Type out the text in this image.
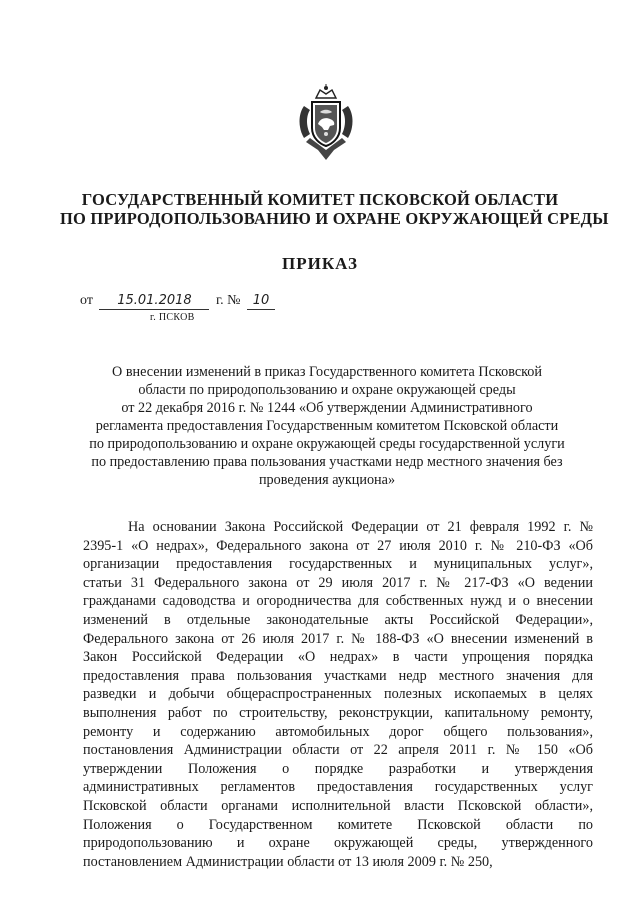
ГОСУДАРСТВЕННЫЙ КОМИТЕТ ПСКОВСКОЙ ОБЛАСТИ
ПО ПРИРОДОПОЛЬЗОВАНИЮ И ОХРАНЕ ОКРУЖАЮЩЕЙ СРЕДЫ
ПРИКАЗ
от 15.01.2018 г. № 10
г. ПСКОВ
О внесении изменений в приказ Государственного комитета Псковской
области по природопользованию и охране окружающей среды
от 22 декабря 2016 г. № 1244 «Об утверждении Административного
регламента предоставления Государственным комитетом Псковской области
по природопользованию и охране окружающей среды государственной услуги
по предоставлению права пользования участками недр местного значения без
проведения аукциона»
На основании Закона Российской Федерации от 21 февраля 1992 г. №
2395-1 «О недрах», Федерального закона от 27 июля 2010 г. № 210-ФЗ «Об
организации предоставления государственных и муниципальных услуг»,
статьи 31 Федерального закона от 29 июля 2017 г. № 217-ФЗ «О ведении
гражданами садоводства и огородничества для собственных нужд и о внесении
изменений в отдельные законодательные акты Российской Федерации»,
Федерального закона от 26 июля 2017 г. № 188-ФЗ «О внесении изменений в
Закон Российской Федерации «О недрах» в части упрощения порядка
предоставления права пользования участками недр местного значения для
разведки и добычи общераспространенных полезных ископаемых в целях
выполнения работ по строительству, реконструкции, капитальному ремонту,
ремонту и содержанию автомобильных дорог общего пользования»,
постановления Администрации области от 22 апреля 2011 г. № 150 «Об
утверждении Положения о порядке разработки и утверждения
административных регламентов предоставления государственных услуг
Псковской области органами исполнительной власти Псковской области»,
Положения о Государственном комитете Псковской области по
природопользованию и охране окружающей среды, утвержденного
постановлением Администрации области от 13 июля 2009 г. № 250,
